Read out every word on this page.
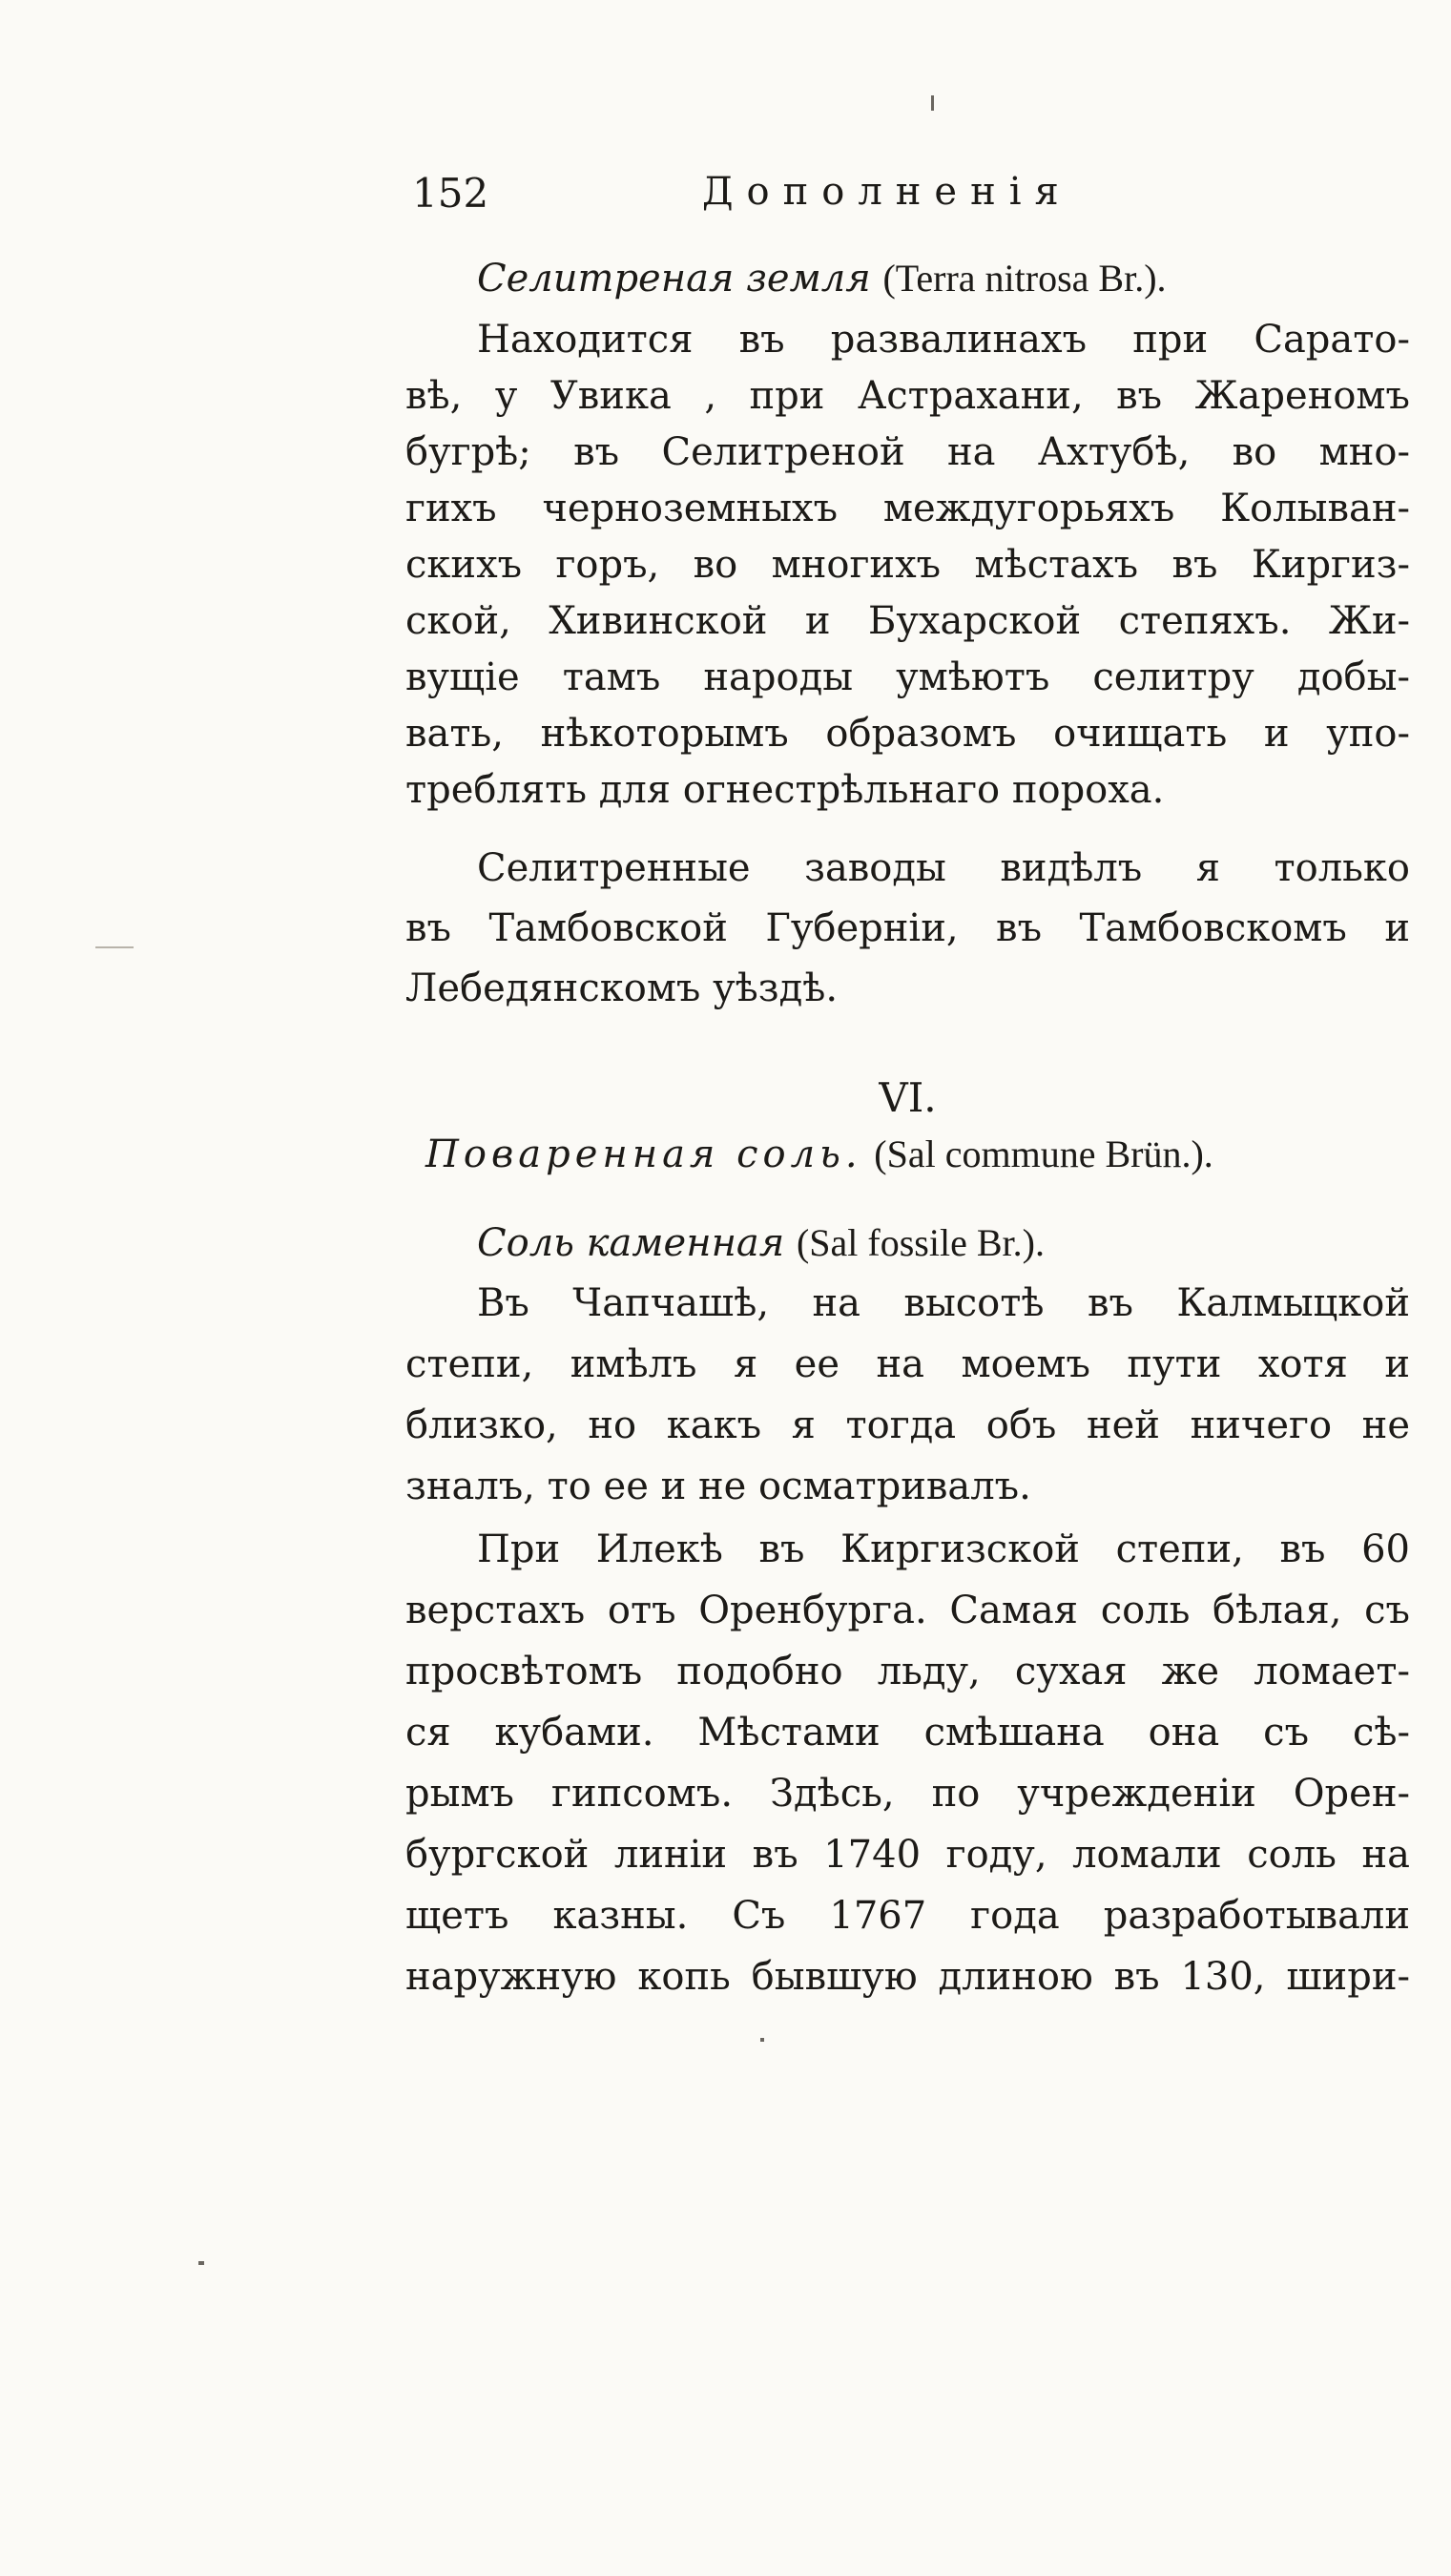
152	Дополненія
Селитреная земля (Terra nitrosa Br.).
Находится въ развалинахъ при Сарато-
вѣ, у Увика , при Астрахани, въ Жареномъ
бугрѣ; въ Селитреной на Ахтубѣ, во мно-
гихъ черноземныхъ междугорьяхъ Колыван-
скихъ горъ, во многихъ мѣстахъ въ Киргиз-
ской, Хивинской и Бухарской степяхъ. Жи-
вущіе тамъ народы умѣютъ селитру добы-
вать, нѣкоторымъ образомъ очищать и упо-
треблять для огнестрѣльнаго пороха.
Селитренные заводы видѣлъ я только
въ Тамбовской Губерніи, въ Тамбовскомъ и
Лебедянскомъ уѣздѣ.
VI.
Поваренная соль. (Sal commune Brün.).
Соль каменная (Sal fossile Br.).
Въ Чапчашѣ, на высотѣ въ Калмыцкой
степи, имѣлъ я ее на моемъ пути хотя и
близко, но какъ я тогда объ ней ничего не
зналъ, то ее и не осматривалъ.
При Илекѣ въ Киргизской степи, въ 60
верстахъ отъ Оренбурга. Самая соль бѣлая, съ
просвѣтомъ подобно льду, сухая же ломает-
ся кубами. Мѣстами смѣшана она съ сѣ-
рымъ гипсомъ. Здѣсь, по учрежденіи Орен-
бургской линіи въ 1740 году, ломали соль на
щетъ казны. Съ 1767 года разработывали
наружную копь бывшую длиною въ 130, шири-
